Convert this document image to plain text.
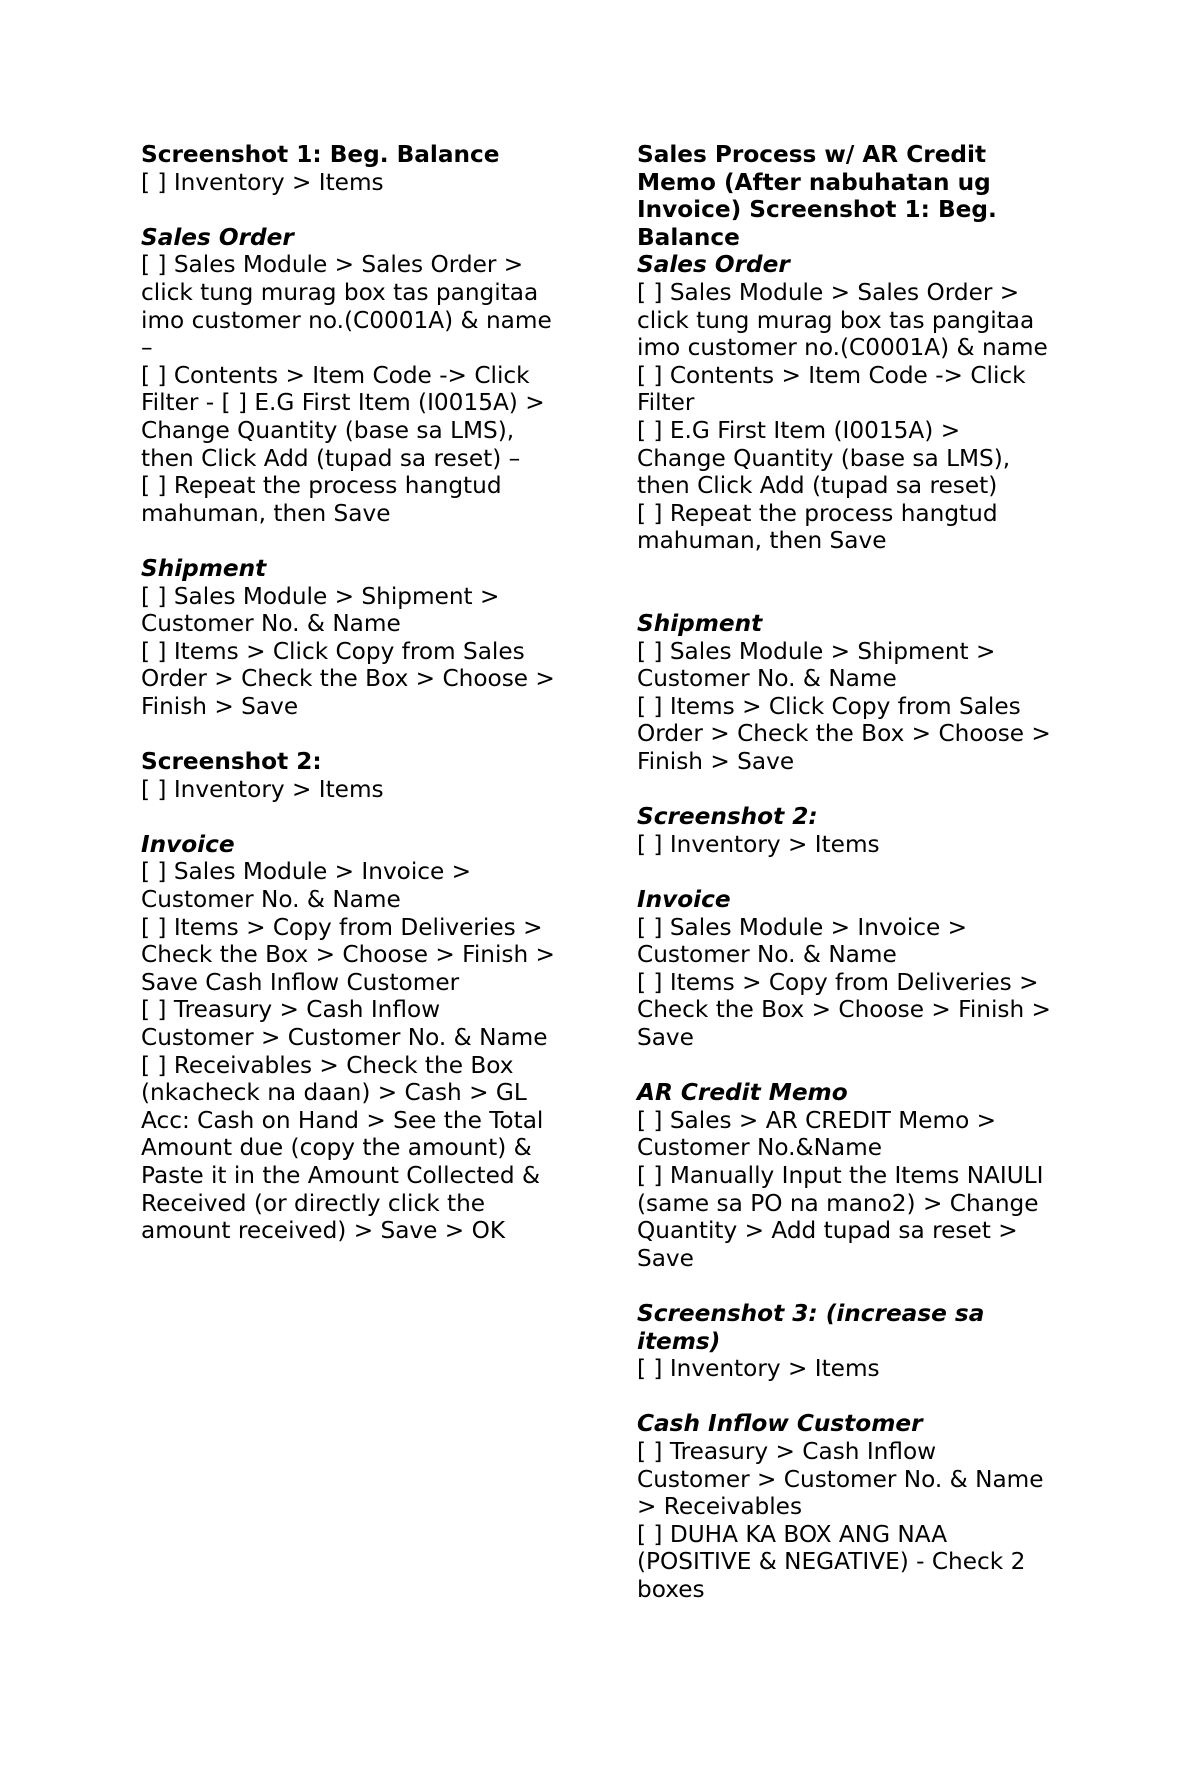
Screenshot 1: Beg. Balance
[ ] Inventory > Items
Sales Order
[ ] Sales Module > Sales Order >
click tung murag box tas pangitaa
imo customer no.(C0001A) & name
–
[ ] Contents > Item Code -> Click
Filter - [ ] E.G First Item (I0015A) >
Change Quantity (base sa LMS),
then Click Add (tupad sa reset) –
[ ] Repeat the process hangtud
mahuman, then Save
Shipment
[ ] Sales Module > Shipment >
Customer No. & Name
[ ] Items > Click Copy from Sales
Order > Check the Box > Choose >
Finish > Save
Screenshot 2:
[ ] Inventory > Items
Invoice
[ ] Sales Module > Invoice >
Customer No. & Name
[ ] Items > Copy from Deliveries >
Check the Box > Choose > Finish >
Save Cash Inflow Customer
[ ] Treasury > Cash Inflow
Customer > Customer No. & Name
[ ] Receivables > Check the Box
(nkacheck na daan) > Cash > GL
Acc: Cash on Hand > See the Total
Amount due (copy the amount) &
Paste it in the Amount Collected &
Received (or directly click the
amount received) > Save > OK
Sales Process w/ AR Credit
Memo (After nabuhatan ug
Invoice) Screenshot 1: Beg.
Balance
Sales Order
[ ] Sales Module > Sales Order >
click tung murag box tas pangitaa
imo customer no.(C0001A) & name
[ ] Contents > Item Code -> Click
Filter
[ ] E.G First Item (I0015A) >
Change Quantity (base sa LMS),
then Click Add (tupad sa reset)
[ ] Repeat the process hangtud
mahuman, then Save
Shipment
[ ] Sales Module > Shipment >
Customer No. & Name
[ ] Items > Click Copy from Sales
Order > Check the Box > Choose >
Finish > Save
Screenshot 2:
[ ] Inventory > Items
Invoice
[ ] Sales Module > Invoice >
Customer No. & Name
[ ] Items > Copy from Deliveries >
Check the Box > Choose > Finish >
Save
AR Credit Memo
[ ] Sales > AR CREDIT Memo >
Customer No.&Name
[ ] Manually Input the Items NAIULI
(same sa PO na mano2) > Change
Quantity > Add tupad sa reset >
Save
Screenshot 3: (increase sa
items)
[ ] Inventory > Items
Cash Inflow Customer
[ ] Treasury > Cash Inflow
Customer > Customer No. & Name
> Receivables
[ ] DUHA KA BOX ANG NAA
(POSITIVE & NEGATIVE) - Check 2
boxes
